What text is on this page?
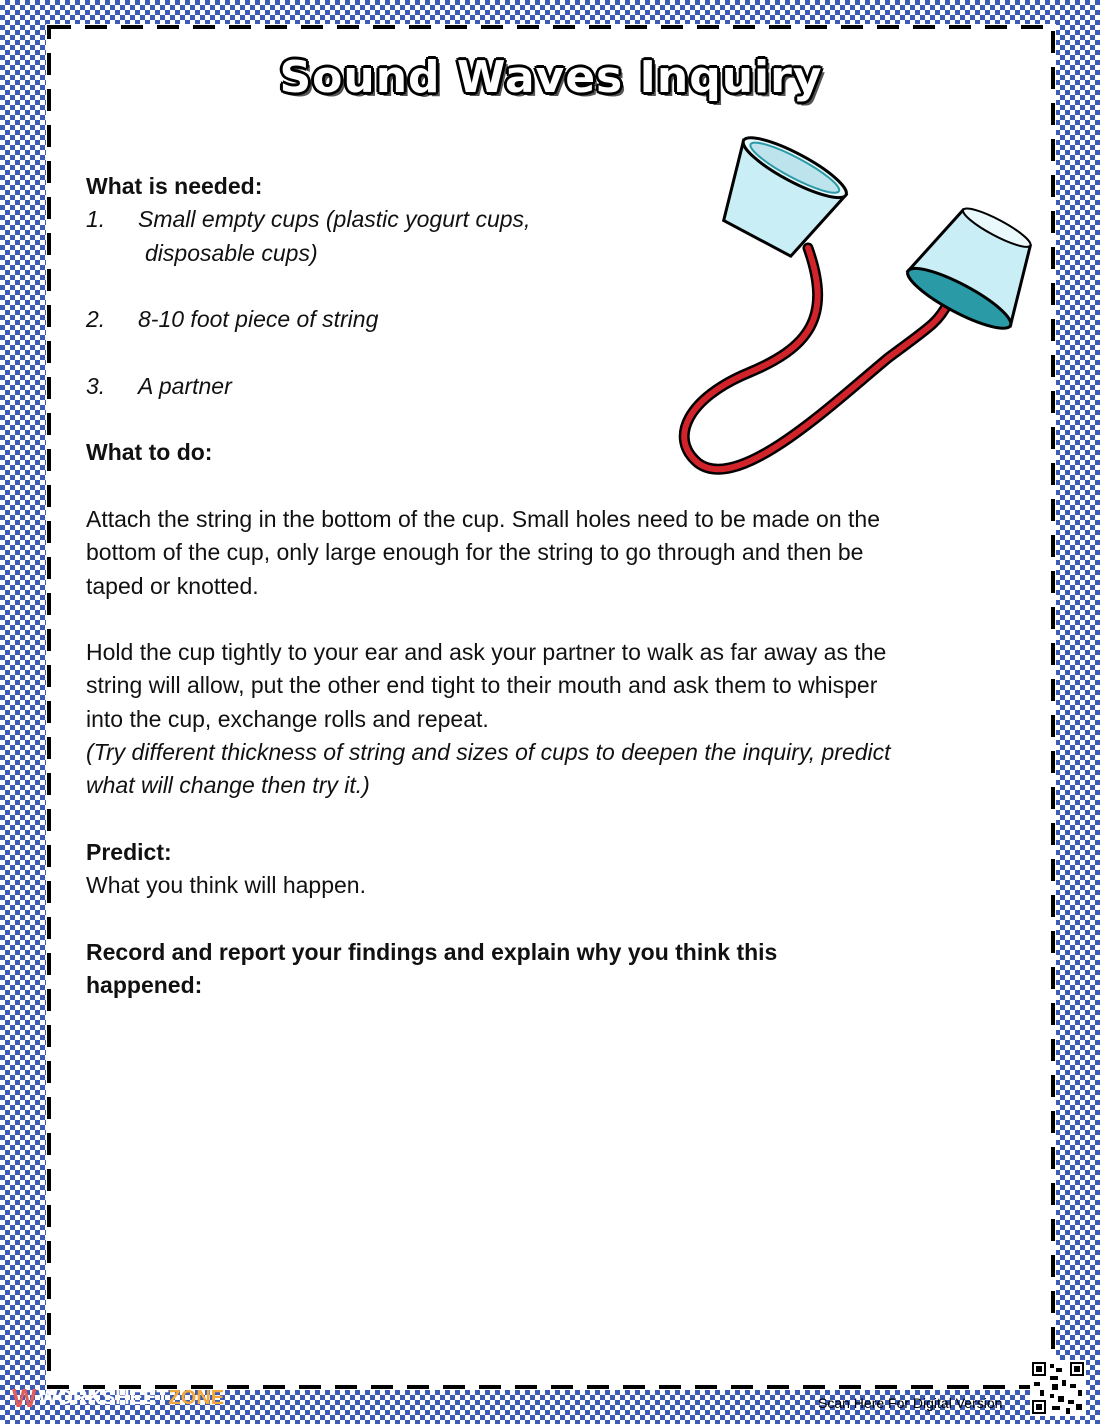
Sound Waves Inquiry
What is needed:
1.	Small empty cups (plastic yogurt cups,
disposable cups)
2.	8-10 foot piece of string
3.	A partner
What to do:
Attach the string in the bottom of the cup. Small holes need to be made on the
bottom of the cup, only large enough for the string to go through and then be
taped or knotted.
Hold the cup tightly to your ear and ask your partner to walk as far away as the
string will allow, put the other end tight to their mouth and ask them to whisper
into the cup, exchange rolls and repeat.
(Try different thickness of string and sizes of cups to deepen the inquiry, predict
what will change then try it.)
Predict:
What you think will happen.
Record and report your findings and explain why you think this
happened:
W WORKSHEET ZONE	Scan Here For Digital Version
